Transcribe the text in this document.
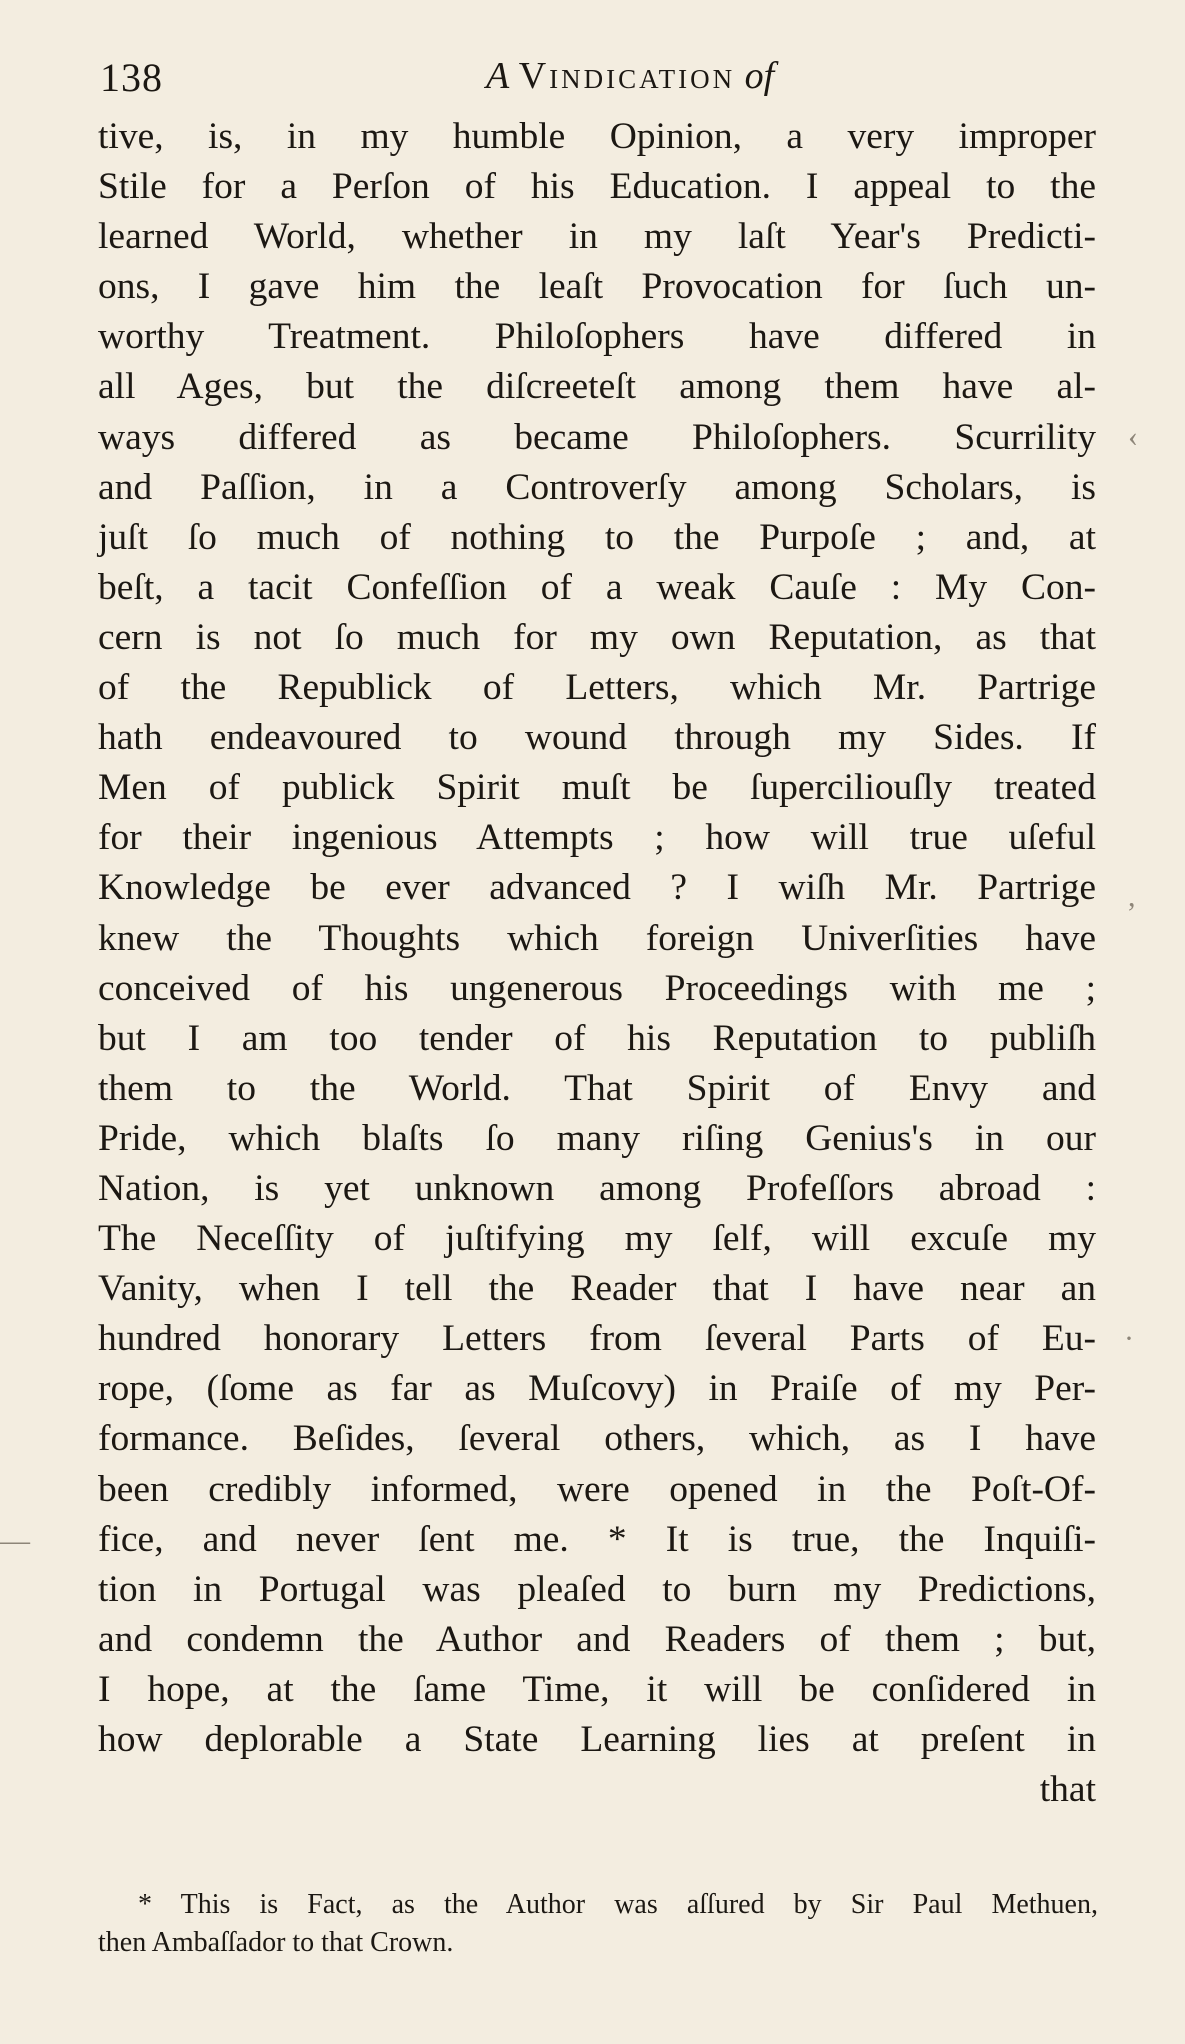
138	A Vindication of
tive, is, in my humble Opinion, a very improper
Stile for a Perſon of his Education. I appeal to the
learned World, whether in my laſt Year's Predicti-
ons, I gave him the leaſt Provocation for ſuch un-
worthy Treatment. Philoſophers have differed in
all Ages, but the diſcreeteſt among them have al-
ways differed as became Philoſophers. Scurrility
and Paſſion, in a Controverſy among Scholars, is
juſt ſo much of nothing to the Purpoſe ; and, at
beſt, a tacit Confeſſion of a weak Cauſe : My Con-
cern is not ſo much for my own Reputation, as that
of the Republick of Letters, which Mr. Partrige
hath endeavoured to wound through my Sides. If
Men of publick Spirit muſt be ſuperciliouſly treated
for their ingenious Attempts ; how will true uſeful
Knowledge be ever advanced ? I wiſh Mr. Partrige
knew the Thoughts which foreign Univerſities have
conceived of his ungenerous Proceedings with me ;
but I am too tender of his Reputation to publiſh
them to the World. That Spirit of Envy and
Pride, which blaſts ſo many riſing Genius's in our
Nation, is yet unknown among Profeſſors abroad :
The Neceſſity of juſtifying my ſelf, will excuſe my
Vanity, when I tell the Reader that I have near an
hundred honorary Letters from ſeveral Parts of Eu-
rope, (ſome as far as Muſcovy) in Praiſe of my Per-
formance. Beſides, ſeveral others, which, as I have
been credibly informed, were opened in the Poſt-Of-
fice, and never ſent me. * It is true, the Inquiſi-
tion in Portugal was pleaſed to burn my Predictions,
and condemn the Author and Readers of them ; but,
I hope, at the ſame Time, it will be conſidered in
how deplorable a State Learning lies at preſent in
that
* This is Fact, as the Author was aſſured by Sir Paul Methuen,
then Ambaſſador to that Crown.
‹
,
·
—
